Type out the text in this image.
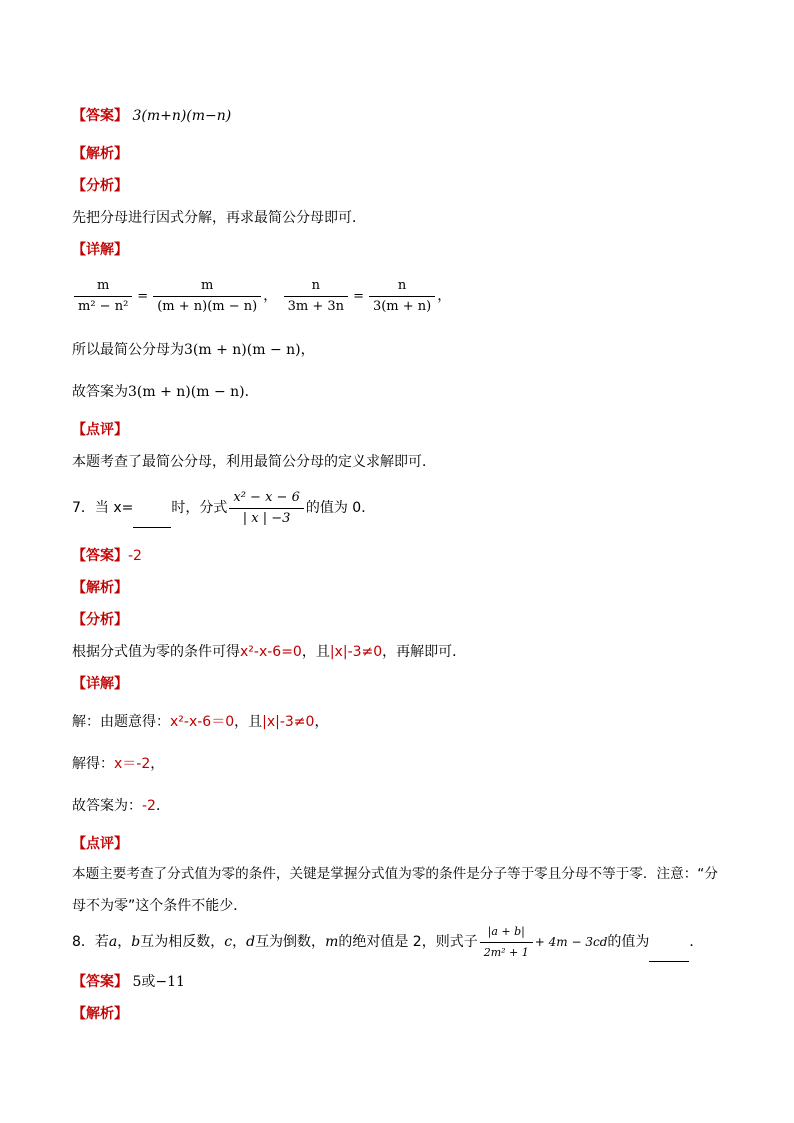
【答案】 3(m+n)(m−n)
【解析】
【分析】
先把分母进行因式分解，再求最简公分母即可．
【详解】
$\frac{m}{\text{m² − n²}} = \frac{m}{(m + n)(m - n)}$ ， $\frac{n}{3m + 3n} = \frac{n}{3(m + n)}$ ，
所以最简公分母为3(m + n)(m − n)，
故答案为3(m + n)(m − n)．
【点评】
本题考查了最简公分母，利用最简公分母的定义求解即可．
7．当 x=	时，分式 $\frac{\text{x² − x − 6}}{| x | -3}$ 的值为 0．
【答案】-2
【解析】
【分析】
根据分式值为零的条件可得x²-x-6=0，且|x|-3≠0，再解即可．
【详解】
解：由题意得：x²-x-6＝0，且|x|-3≠0，
解得：x＝-2，
故答案为：-2．
【点评】
本题主要考查了分式值为零的条件，关键是掌握分式值为零的条件是分子等于零且分母不等于零．注意：“分
母不为零”这个条件不能少．
8．若a，b互为相反数，c，d互为倒数，m的绝对值是 2，则式子 $\frac{|a + b|}{\text{2m² + 1}} + 4m - 3cd$的值为	．
【答案】 5或−11
【解析】
